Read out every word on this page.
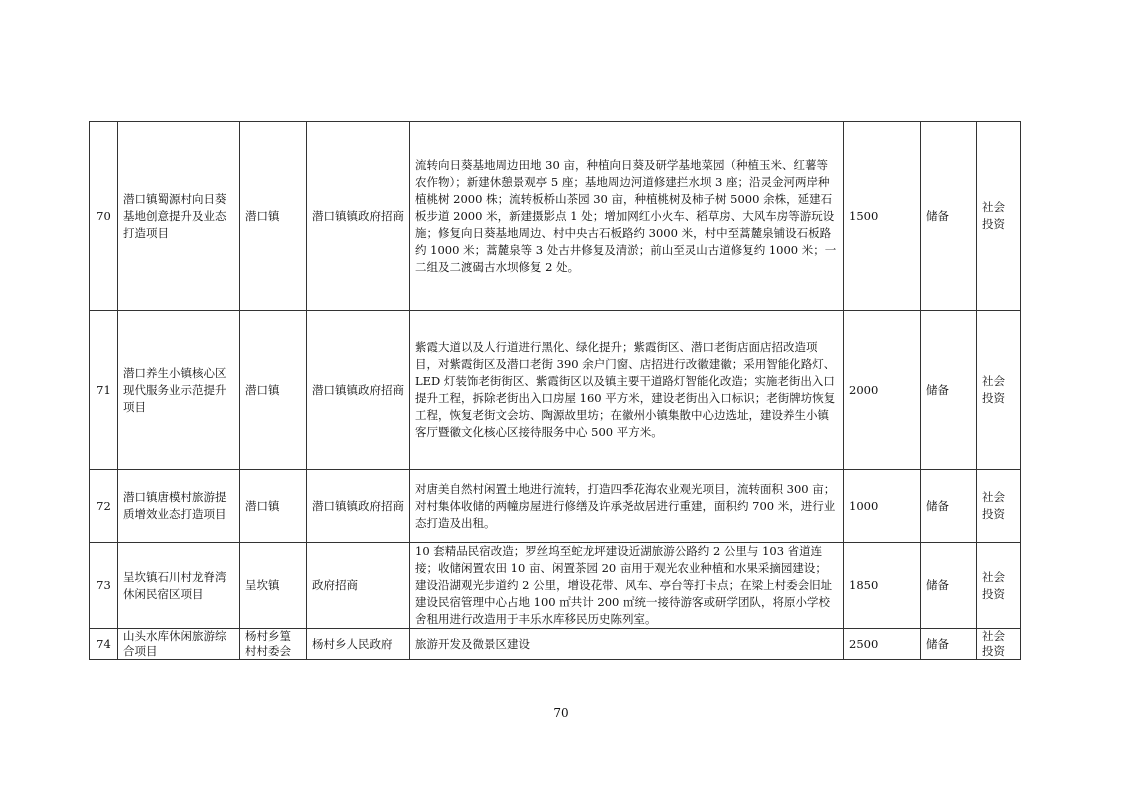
70	潜口镇蜀源村向日葵基地创意提升及业态打造项目	潜口镇	潜口镇镇政府招商	流转向日葵基地周边田地 30 亩，种植向日葵及研学基地菜园（种植玉米、红薯等农作物）；新建休憩景观亭 5 座；基地周边河道修建拦水坝 3 座；沿灵金河两岸种植桃树 2000 株；流转板桥山茶园 30 亩，种植桃树及柿子树 5000 余株，延建石板步道 2000 米，新建摄影点 1 处；增加网红小火车、稻草房、大风车房等游玩设施；修复向日葵基地周边、村中央古石板路约 3000 米，村中至蒿麓泉铺设石板路约 1000 米；蒿麓泉等 3 处古井修复及清淤；前山至灵山古道修复约 1000 米；一二组及二渡碣古水坝修复 2 处。	1500	储备	社会投资
71	潜口养生小镇核心区现代服务业示范提升项目	潜口镇	潜口镇镇政府招商	紫霞大道以及人行道进行黑化、绿化提升；紫霞街区、潜口老街店面店招改造项目，对紫霞街区及潜口老街 390 余户门窗、店招进行改徽建徽；采用智能化路灯、LED 灯装饰老街街区、紫霞街区以及镇主要干道路灯智能化改造；实施老街出入口提升工程，拆除老街出入口房屋 160 平方米，建设老街出入口标识；老街牌坊恢复工程，恢复老街文会坊、陶源故里坊；在徽州小镇集散中心边选址，建设养生小镇客厅暨徽文化核心区接待服务中心 500 平方米。	2000	储备	社会投资
72	潜口镇唐模村旅游提质增效业态打造项目	潜口镇	潜口镇镇政府招商	对唐美自然村闲置土地进行流转，打造四季花海农业观光项目，流转面积 300 亩；对村集体收储的两幢房屋进行修缮及许承尧故居进行重建，面积约 700 米，进行业态打造及出租。	1000	储备	社会投资
73	呈坎镇石川村龙脊湾休闲民宿区项目	呈坎镇	政府招商	10 套精品民宿改造；罗丝坞至蛇龙坪建设近湖旅游公路约 2 公里与 103 省道连接；收储闲置农田 10 亩、闲置茶园 20 亩用于观光农业种植和水果采摘园建设；建设沿湖观光步道约 2 公里，增设花带、风车、亭台等打卡点；在梁上村委会旧址建设民宿管理中心占地 100 ㎡共计 200 ㎡统一接待游客或研学团队，将原小学校舍租用进行改造用于丰乐水库移民历史陈列室。	1850	储备	社会投资
74	山头水库休闲旅游综合项目	杨村乡篁村村委会	杨村乡人民政府	旅游开发及微景区建设	2500	储备	社会投资
70
